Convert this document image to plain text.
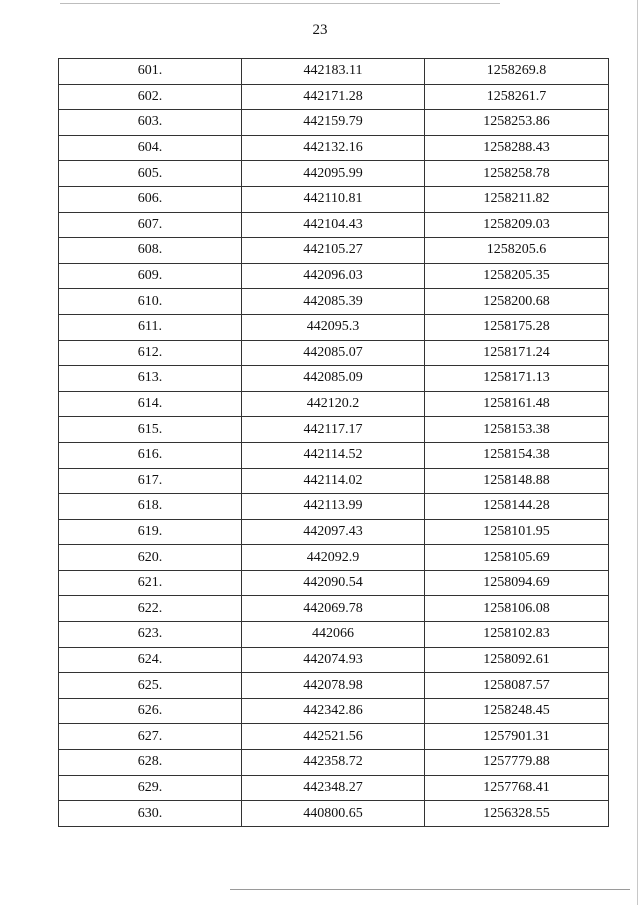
23
601.	442183.11	1258269.8
602.	442171.28	1258261.7
603.	442159.79	1258253.86
604.	442132.16	1258288.43
605.	442095.99	1258258.78
606.	442110.81	1258211.82
607.	442104.43	1258209.03
608.	442105.27	1258205.6
609.	442096.03	1258205.35
610.	442085.39	1258200.68
611.	442095.3	1258175.28
612.	442085.07	1258171.24
613.	442085.09	1258171.13
614.	442120.2	1258161.48
615.	442117.17	1258153.38
616.	442114.52	1258154.38
617.	442114.02	1258148.88
618.	442113.99	1258144.28
619.	442097.43	1258101.95
620.	442092.9	1258105.69
621.	442090.54	1258094.69
622.	442069.78	1258106.08
623.	442066	1258102.83
624.	442074.93	1258092.61
625.	442078.98	1258087.57
626.	442342.86	1258248.45
627.	442521.56	1257901.31
628.	442358.72	1257779.88
629.	442348.27	1257768.41
630.	440800.65	1256328.55
